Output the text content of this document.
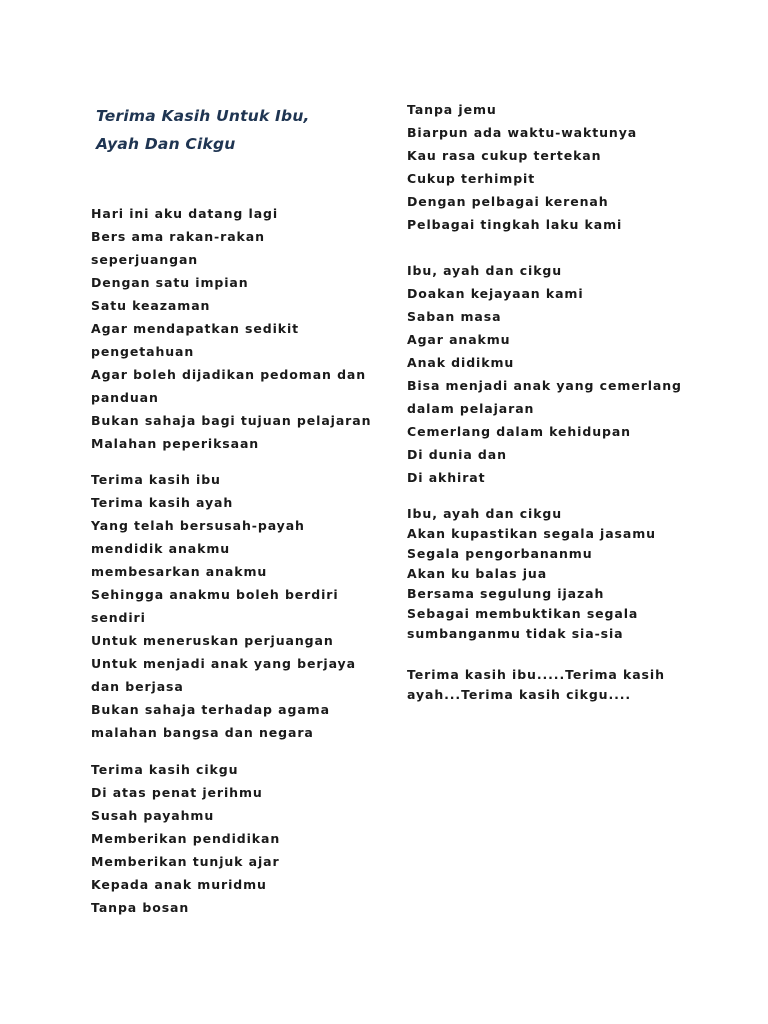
Terima Kasih Untuk Ibu,
Ayah Dan Cikgu
Hari ini aku datang lagi
Bers ama rakan-rakan
seperjuangan
Dengan satu impian
Satu keazaman
Agar mendapatkan sedikit
pengetahuan
Agar boleh dijadikan pedoman dan
panduan
Bukan sahaja bagi tujuan pelajaran
Malahan peperiksaan
Terima kasih ibu
Terima kasih ayah
Yang telah bersusah-payah
mendidik anakmu
membesarkan anakmu
Sehingga anakmu boleh berdiri
sendiri
Untuk meneruskan perjuangan
Untuk menjadi anak yang berjaya
dan berjasa
Bukan sahaja terhadap agama
malahan bangsa dan negara
Terima kasih cikgu
Di atas penat jerihmu
Susah payahmu
Memberikan pendidikan
Memberikan tunjuk ajar
Kepada anak muridmu
Tanpa bosan
Tanpa jemu
Biarpun ada waktu-waktunya
Kau rasa cukup tertekan
Cukup terhimpit
Dengan pelbagai kerenah
Pelbagai tingkah laku kami
Ibu, ayah dan cikgu
Doakan kejayaan kami
Saban masa
Agar anakmu
Anak didikmu
Bisa menjadi anak yang cemerlang
dalam pelajaran
Cemerlang dalam kehidupan
Di dunia dan
Di akhirat
Ibu, ayah dan cikgu
Akan kupastikan segala jasamu
Segala pengorbananmu
Akan ku balas jua
Bersama segulung ijazah
Sebagai membuktikan segala
sumbanganmu tidak sia-sia
Terima kasih ibu.....Terima kasih
ayah...Terima kasih cikgu....
